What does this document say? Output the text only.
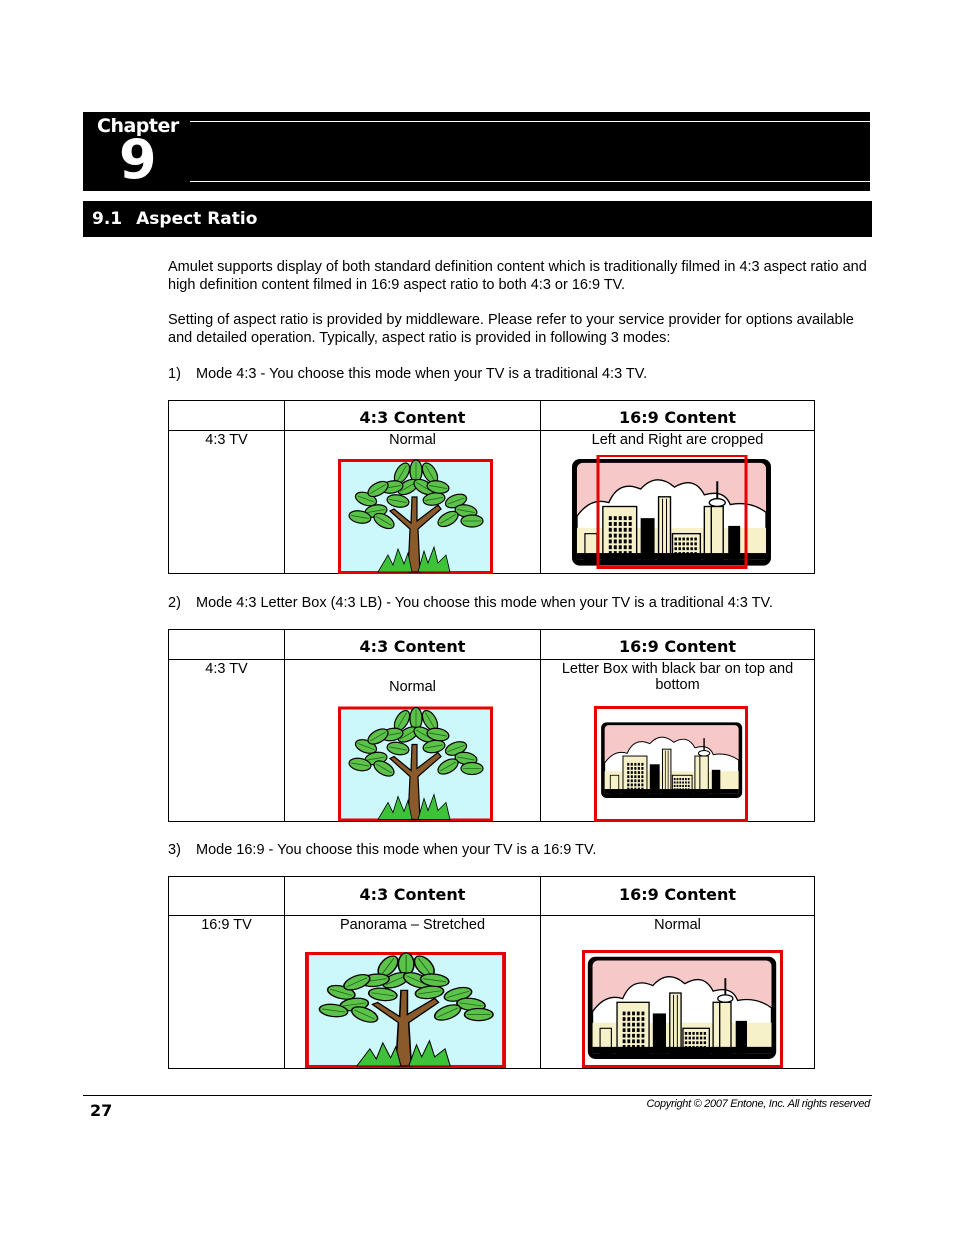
Chapter
9
9.1 Aspect Ratio
Amulet supports display of both standard definition content which is traditionally filmed in 4:3 aspect ratio and high definition content filmed in 16:9 aspect ratio to both 4:3 or 16:9 TV.
Setting of aspect ratio is provided by middleware. Please refer to your service provider for options available and detailed operation. Typically, aspect ratio is provided in following 3 modes:
1) Mode 4:3 - You choose this mode when your TV is a traditional 4:3 TV.
	4:3 Content	16:9 Content
4:3 TV	Normal	Left and Right are cropped
2) Mode 4:3 Letter Box (4:3 LB) - You choose this mode when your TV is a traditional 4:3 TV.
	4:3 Content	16:9 Content
4:3 TV	Normal	Letter Box with black bar on top and bottom
3) Mode 16:9 - You choose this mode when your TV is a 16:9 TV.
	4:3 Content	16:9 Content
16:9 TV	Panorama – Stretched	Normal
27	Copyright © 2007 Entone, Inc. All rights reserved
